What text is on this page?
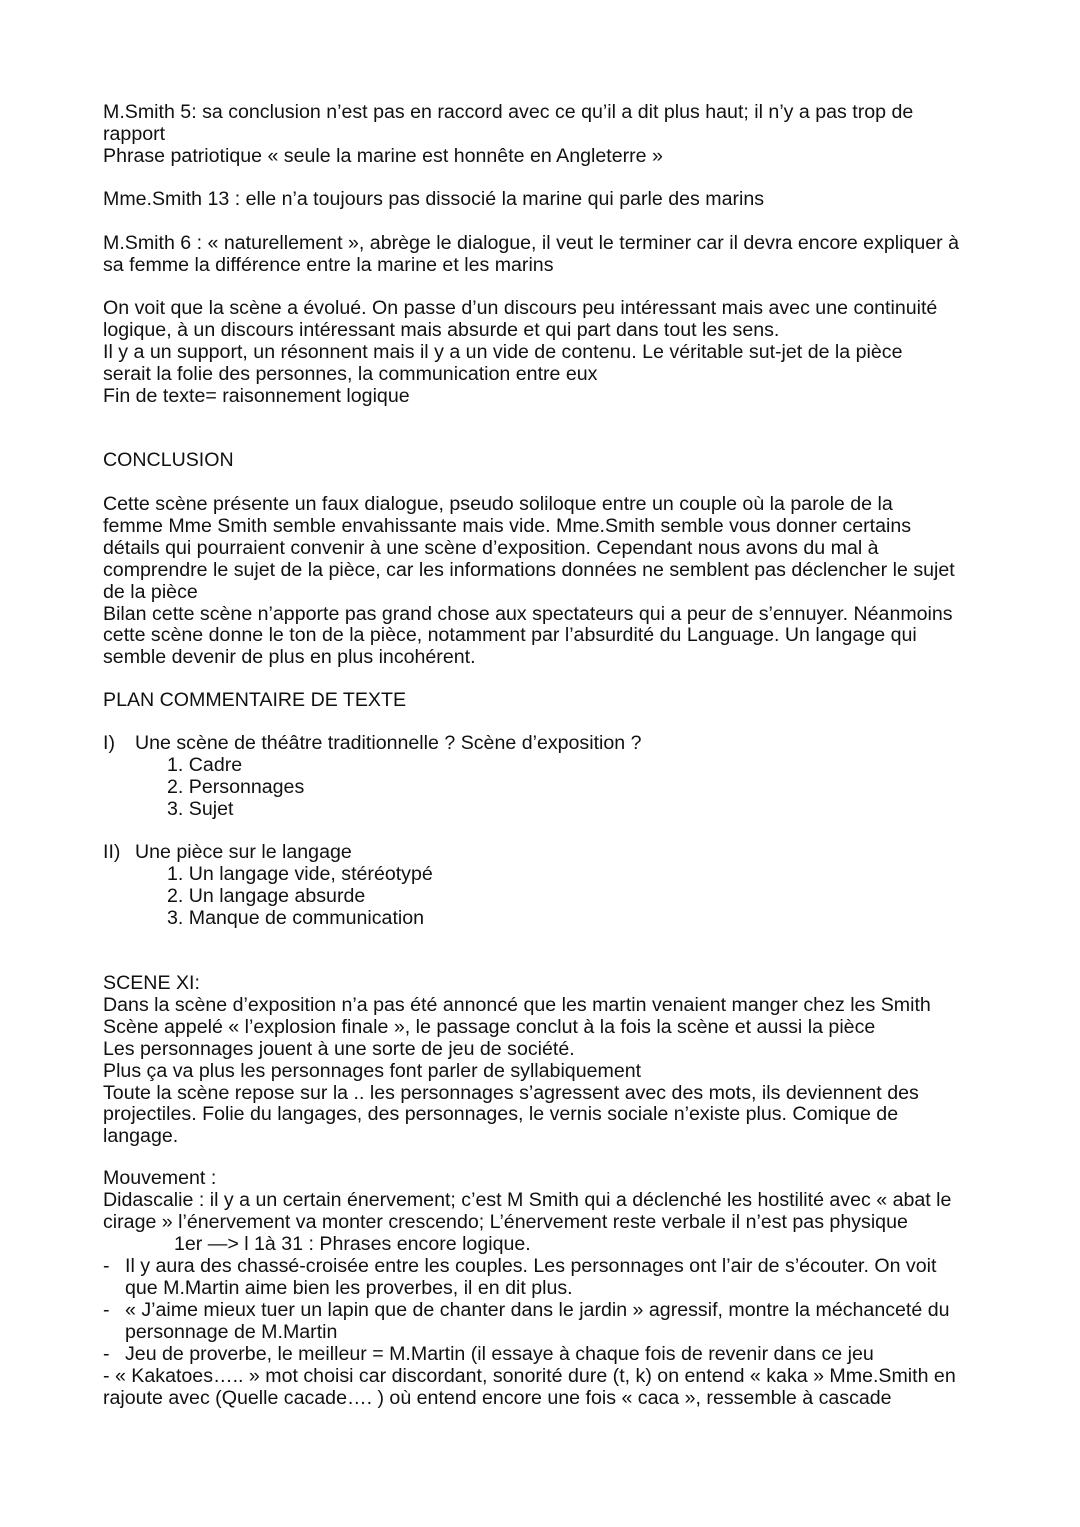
M.Smith 5: sa conclusion n’est pas en raccord avec ce qu’il a dit plus haut; il n’y a pas trop de

rapport

Phrase patriotique « seule la marine est honnête en Angleterre »

Mme.Smith 13 : elle n’a toujours pas dissocié la marine qui parle des marins

M.Smith 6 : « naturellement », abrège le dialogue, il veut le terminer car il devra encore expliquer à

sa femme la différence entre la marine et les marins

On voit que la scène a évolué. On passe d’un discours peu intéressant mais avec une continuité

logique, à un discours intéressant mais absurde et qui part dans tout les sens.

Il y a un support, un résonnent mais il y a un vide de contenu. Le véritable sut-jet de la pièce

serait la folie des personnes, la communication entre eux

Fin de texte= raisonnement logique

CONCLUSION

Cette scène présente un faux dialogue, pseudo soliloque entre un couple où la parole de la

femme Mme Smith semble envahissante mais vide. Mme.Smith semble vous donner certains

détails qui pourraient convenir à une scène d’exposition. Cependant nous avons du mal à

comprendre le sujet de la pièce, car les informations données ne semblent pas déclencher le sujet

de la pièce

Bilan cette scène n’apporte pas grand chose aux spectateurs qui a peur de s’ennuyer. Néanmoins

cette scène donne le ton de la pièce, notamment par l’absurdité du Language. Un langage qui

semble devenir de plus en plus incohérent.

PLAN COMMENTAIRE DE TEXTE

I) Une scène de théâtre traditionnelle ? Scène d’exposition ?

1. Cadre

2. Personnages

3. Sujet

II) Une pièce sur le langage

1. Un langage vide, stéréotypé

2. Un langage absurde

3. Manque de communication

SCENE XI:

Dans la scène d’exposition n’a pas été annoncé que les martin venaient manger chez les Smith

Scène appelé « l’explosion finale », le passage conclut à la fois la scène et aussi la pièce

Les personnages jouent à une sorte de jeu de société.

Plus ça va plus les personnages font parler de syllabiquement

Toute la scène repose sur la .. les personnages s’agressent avec des mots, ils deviennent des

projectiles. Folie du langages, des personnages, le vernis sociale n’existe plus. Comique de

langage.

Mouvement :

Didascalie : il y a un certain énervement; c’est M Smith qui a déclenché les hostilité avec « abat le

cirage » l’énervement va monter crescendo; L’énervement reste verbale il n’est pas physique

1er —> l 1à 31 : Phrases encore logique.

- Il y aura des chassé-croisée entre les couples. Les personnages ont l’air de s’écouter. On voit

que M.Martin aime bien les proverbes, il en dit plus.

- « J’aime mieux tuer un lapin que de chanter dans le jardin » agressif, montre la méchanceté du

personnage de M.Martin

- Jeu de proverbe, le meilleur = M.Martin (il essaye à chaque fois de revenir dans ce jeu

- « Kakatoes….. » mot choisi car discordant, sonorité dure (t, k) on entend « kaka » Mme.Smith en

rajoute avec (Quelle cacade…. ) où entend encore une fois « caca », ressemble à cascade
